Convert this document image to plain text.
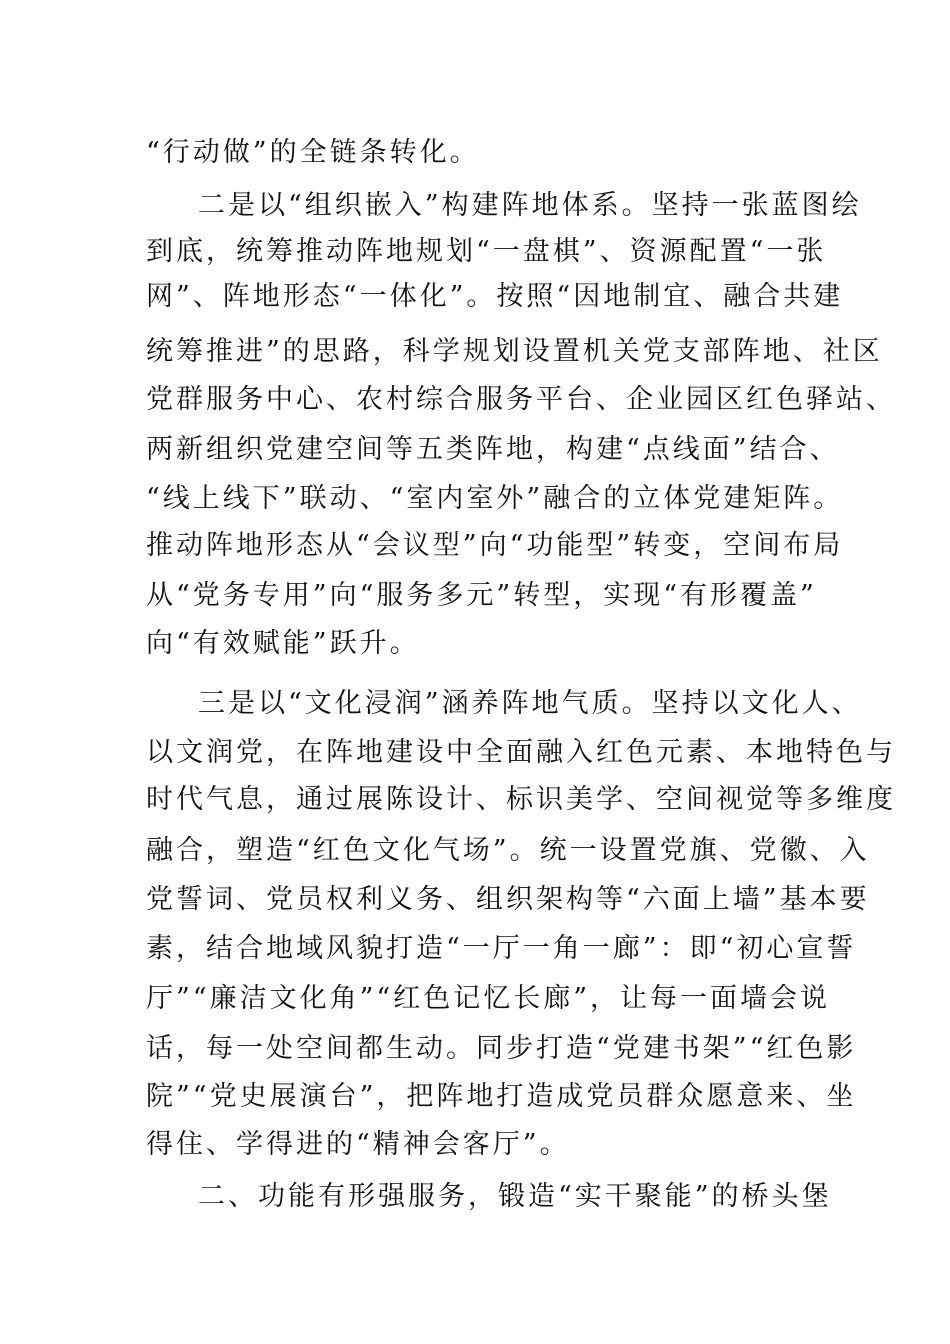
“行动做”的全链条转化。
二是以“组织嵌入”构建阵地体系。坚持一张蓝图绘
到底，统筹推动阵地规划“一盘棋”、资源配置“一张
网”、阵地形态“一体化”。按照“因地制宜、融合共建
统筹推进”的思路，科学规划设置机关党支部阵地、社区
党群服务中心、农村综合服务平台、企业园区红色驿站、
两新组织党建空间等五类阵地，构建“点线面”结合、
“线上线下”联动、“室内室外”融合的立体党建矩阵。
推动阵地形态从“会议型”向“功能型”转变，空间布局
从“党务专用”向“服务多元”转型，实现“有形覆盖”
向“有效赋能”跃升。
三是以“文化浸润”涵养阵地气质。坚持以文化人、
以文润党，在阵地建设中全面融入红色元素、本地特色与
时代气息，通过展陈设计、标识美学、空间视觉等多维度
融合，塑造“红色文化气场”。统一设置党旗、党徽、入
党誓词、党员权利义务、组织架构等“六面上墙”基本要
素，结合地域风貌打造“一厅一角一廊”：即“初心宣誓
厅”“廉洁文化角”“红色记忆长廊”，让每一面墙会说
话，每一处空间都生动。同步打造“党建书架”“红色影
院”“党史展演台”，把阵地打造成党员群众愿意来、坐
得住、学得进的“精神会客厅”。
二、功能有形强服务，锻造“实干聚能”的桥头堡
